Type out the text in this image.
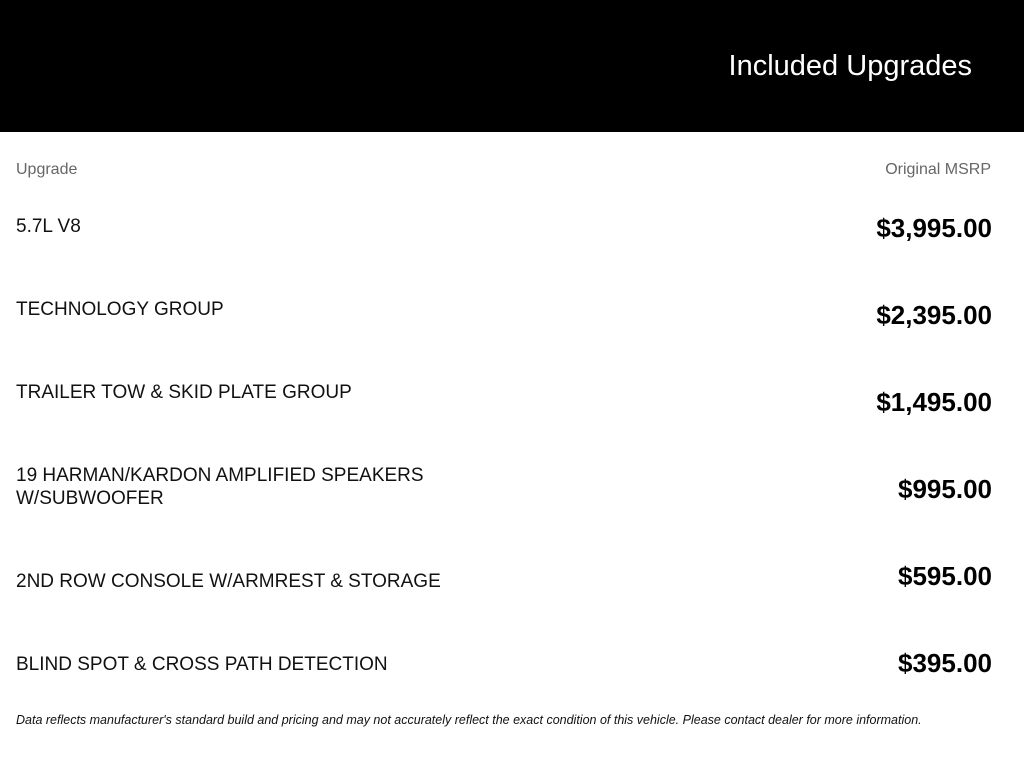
Included Upgrades
Upgrade	Original MSRP
5.7L V8	$3,995.00
TECHNOLOGY GROUP	$2,395.00
TRAILER TOW & SKID PLATE GROUP	$1,495.00
19 HARMAN/KARDON AMPLIFIED SPEAKERS W/SUBWOOFER	$995.00
2ND ROW CONSOLE W/ARMREST & STORAGE	$595.00
BLIND SPOT & CROSS PATH DETECTION	$395.00
Data reflects manufacturer's standard build and pricing and may not accurately reflect the exact condition of this vehicle. Please contact dealer for more information.
